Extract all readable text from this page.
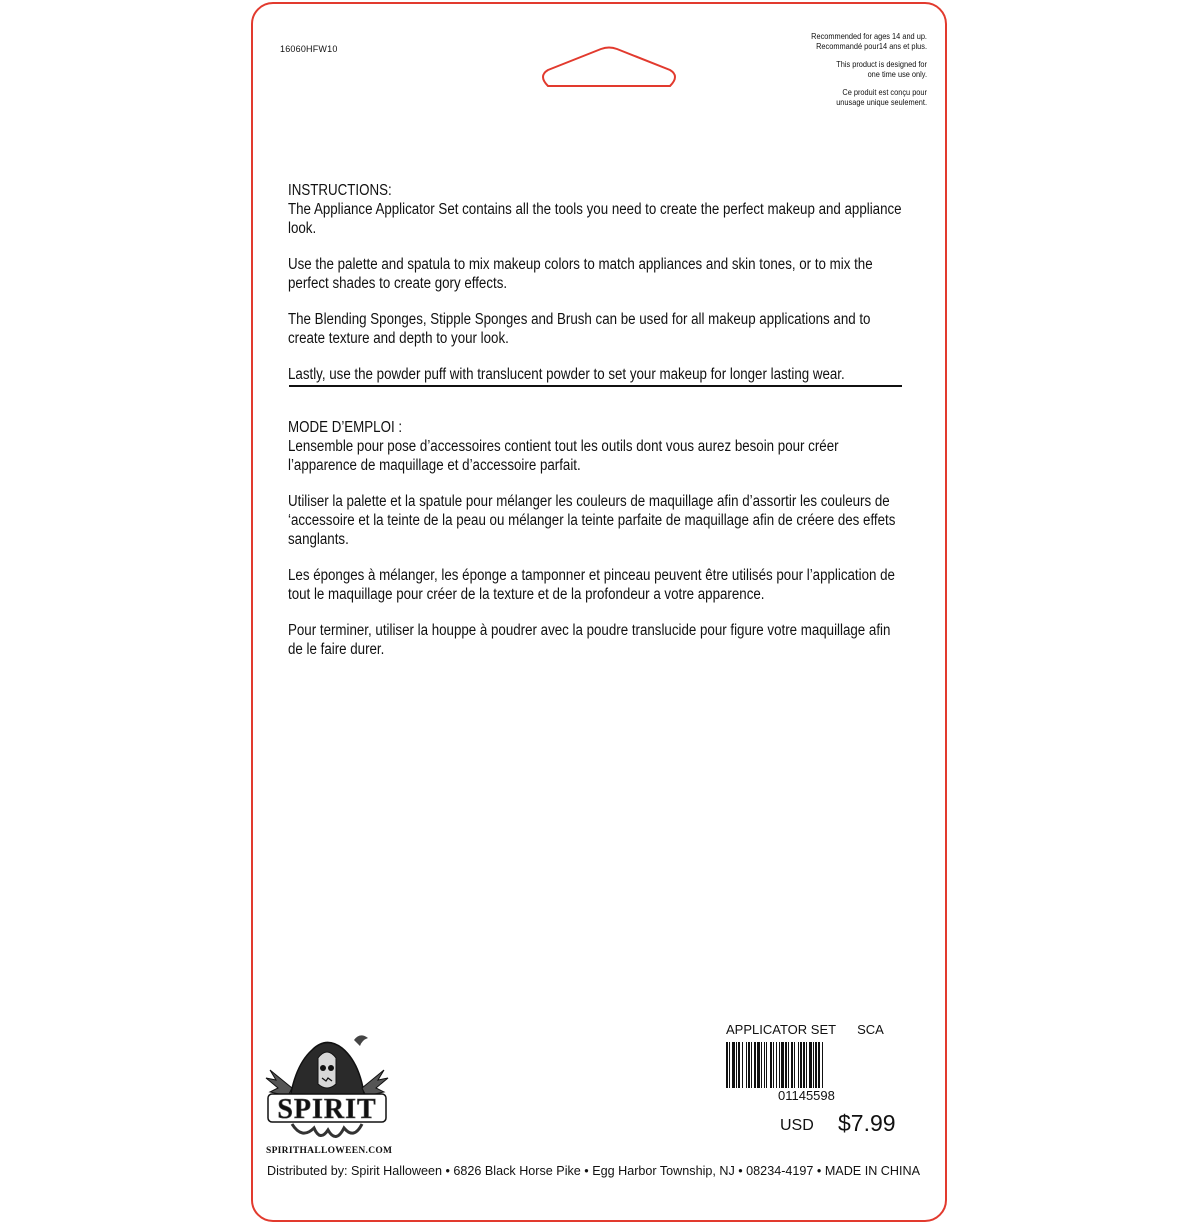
16060HFW10

Recommended for ages 14 and up.
Recommandé pour14 ans et plus.

This product is designed for
one time use only.

Ce produit est conçu pour
unusage unique seulement.

INSTRUCTIONS:

The Appliance Applicator Set contains all the tools you need to create the perfect makeup and appliance look.

Use the palette and spatula to mix makeup colors to match appliances and skin tones, or to mix the perfect shades to create gory effects.

The Blending Sponges, Stipple Sponges and Brush can be used for all makeup applications and to create texture and depth to your look.

Lastly, use the powder puff with translucent powder to set your makeup for longer lasting wear.

MODE D’EMPLOI :

Lensemble pour pose d’accessoires contient tout les outils dont vous aurez besoin pour créer l’apparence de maquillage et d’accessoire parfait.

Utiliser la palette et la spatule pour mélanger les couleurs de maquillage afin d’assortir les couleurs de ‘accessoire et la teinte de la peau ou mélanger la teinte parfaite de maquillage afin de créere des effets sanglants.

Les éponges à mélanger, les éponge a tamponner et pinceau peuvent être utilisés pour l’application de tout le maquillage pour créer de la texture et de la profondeur a votre apparence.

Pour terminer, utiliser la houppe à poudrer avec la poudre translucide pour figure votre maquillage afin de le faire durer.

SPIRIT
SPIRITHALLOWEEN.COM
Distributed by: Spirit Halloween • 6826 Black Horse Pike • Egg Harbor Township, NJ • 08234-4197 • MADE IN CHINA
APPLICATOR SET SCA
01145598
USD $7.99
